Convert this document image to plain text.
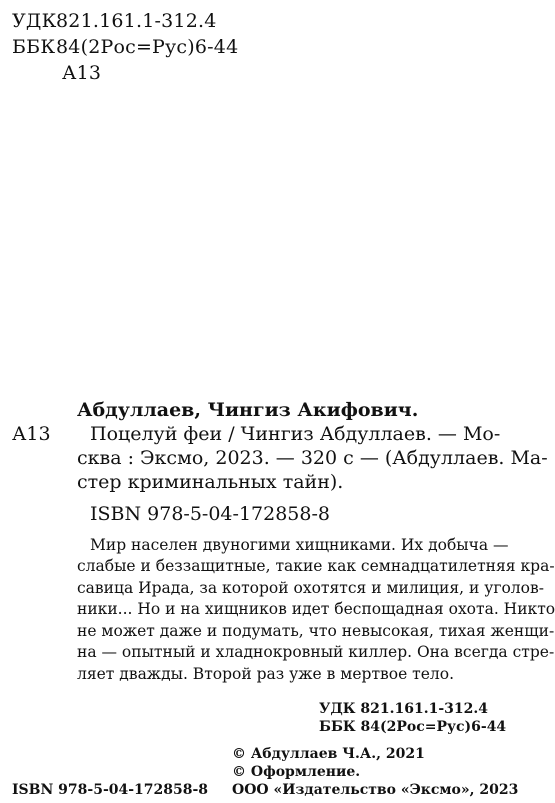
УДК821.161.1-312.4
ББК84(2Рос=Рус)6-44
А13
Абдуллаев, Чингиз Акифович.
А13 Поцелуй феи / Чингиз Абдуллаев. — Мо-
сква : Эксмо, 2023. — 320 с — (Абдуллаев. Ма-
стер криминальных тайн).
ISBN 978-5-04-172858-8
Мир населен двуногими хищниками. Их добыча —
слабые и беззащитные, такие как семнадцатилетняя кра-
савица Ирада, за которой охотятся и милиция, и уголов-
ники... Но и на хищников идет беспощадная охота. Никто
не может даже и подумать, что невысокая, тихая женщи-
на — опытный и хладнокровный киллер. Она всегда стре-
ляет дважды. Второй раз уже в мертвое тело.
УДК 821.161.1-312.4
ББК 84(2Рос=Рус)6-44
© Абдуллаев Ч.А., 2021
© Оформление.
ООО «Издательство «Эксмо», 2023
ISBN 978-5-04-172858-8
